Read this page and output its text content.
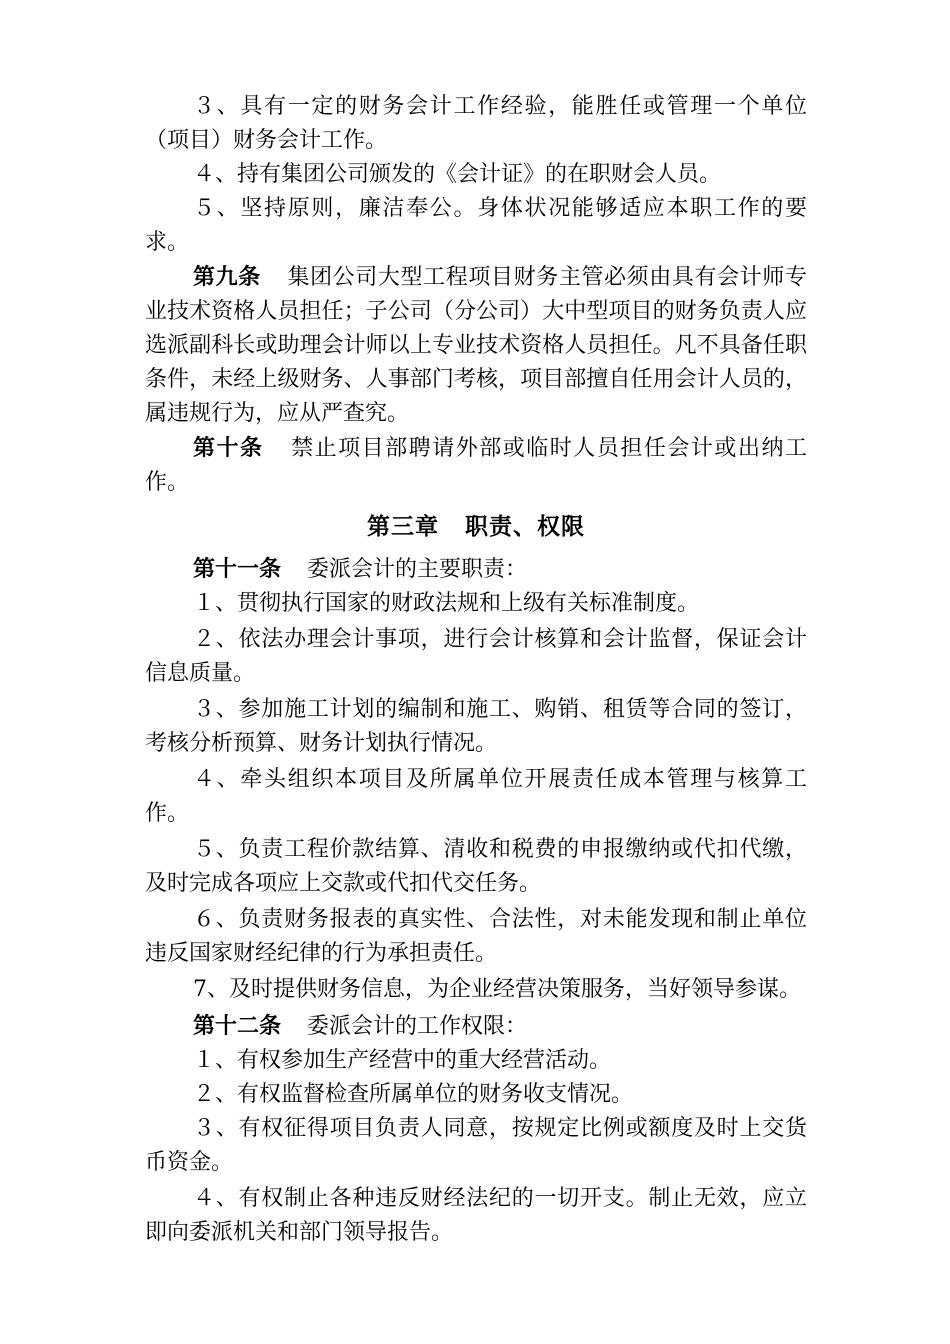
３、具有一定的财务会计工作经验，能胜任或管理一个单位（项目）财务会计工作。

４、持有集团公司颁发的《会计证》的在职财会人员。

５、坚持原则，廉洁奉公。身体状况能够适应本职工作的要求。

第九条 集团公司大型工程项目财务主管必须由具有会计师专业技术资格人员担任；子公司（分公司）大中型项目的财务负责人应选派副科长或助理会计师以上专业技术资格人员担任。凡不具备任职条件，未经上级财务、人事部门考核，项目部擅自任用会计人员的，属违规行为，应从严查究。

第十条 禁止项目部聘请外部或临时人员担任会计或出纳工作。

第三章 职责、权限

第十一条 委派会计的主要职责：

１、贯彻执行国家的财政法规和上级有关标准制度。

２、依法办理会计事项，进行会计核算和会计监督，保证会计信息质量。

３、参加施工计划的编制和施工、购销、租赁等合同的签订，考核分析预算、财务计划执行情况。

４、牵头组织本项目及所属单位开展责任成本管理与核算工作。

５、负责工程价款结算、清收和税费的申报缴纳或代扣代缴，及时完成各项应上交款或代扣代交任务。

６、负责财务报表的真实性、合法性，对未能发现和制止单位违反国家财经纪律的行为承担责任。

7、及时提供财务信息，为企业经营决策服务，当好领导参谋。

第十二条 委派会计的工作权限：

１、有权参加生产经营中的重大经营活动。

２、有权监督检查所属单位的财务收支情况。

３、有权征得项目负责人同意，按规定比例或额度及时上交货币资金。

４、有权制止各种违反财经法纪的一切开支。制止无效，应立即向委派机关和部门领导报告。
